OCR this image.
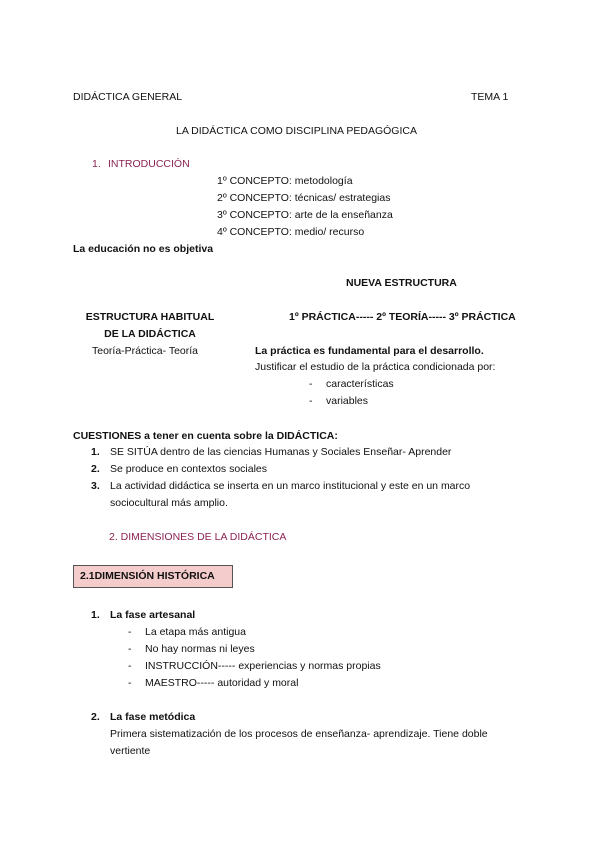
DIDÁCTICA GENERAL	TEMA 1
LA DIDÁCTICA COMO DISCIPLINA PEDAGÓGICA
1. INTRODUCCIÓN
1º CONCEPTO: metodología
2º CONCEPTO: técnicas/ estrategias
3º CONCEPTO: arte de la enseñanza
4º CONCEPTO: medio/ recurso
La educación no es objetiva
NUEVA ESTRUCTURA
ESTRUCTURA HABITUAL
DE LA DIDÁCTICA
Teoría-Práctica- Teoría
1º PRÁCTICA----- 2º TEORÍA----- 3º PRÁCTICA
La práctica es fundamental para el desarrollo.
Justificar el estudio de la práctica condicionada por:
- características
- variables
CUESTIONES a tener en cuenta sobre la DIDÁCTICA:
1. SE SITÚA dentro de las ciencias Humanas y Sociales Enseñar- Aprender
2. Se produce en contextos sociales
3. La actividad didáctica se inserta en un marco institucional y este en un marco
sociocultural más amplio.
2. DIMENSIONES DE LA DIDÁCTICA
2.1DIMENSIÓN HISTÓRICA
1. La fase artesanal
- La etapa más antigua
- No hay normas ni leyes
- INSTRUCCIÓN----- experiencias y normas propias
- MAESTRO----- autoridad y moral
2. La fase metódica
Primera sistematización de los procesos de enseñanza- aprendizaje. Tiene doble
vertiente
